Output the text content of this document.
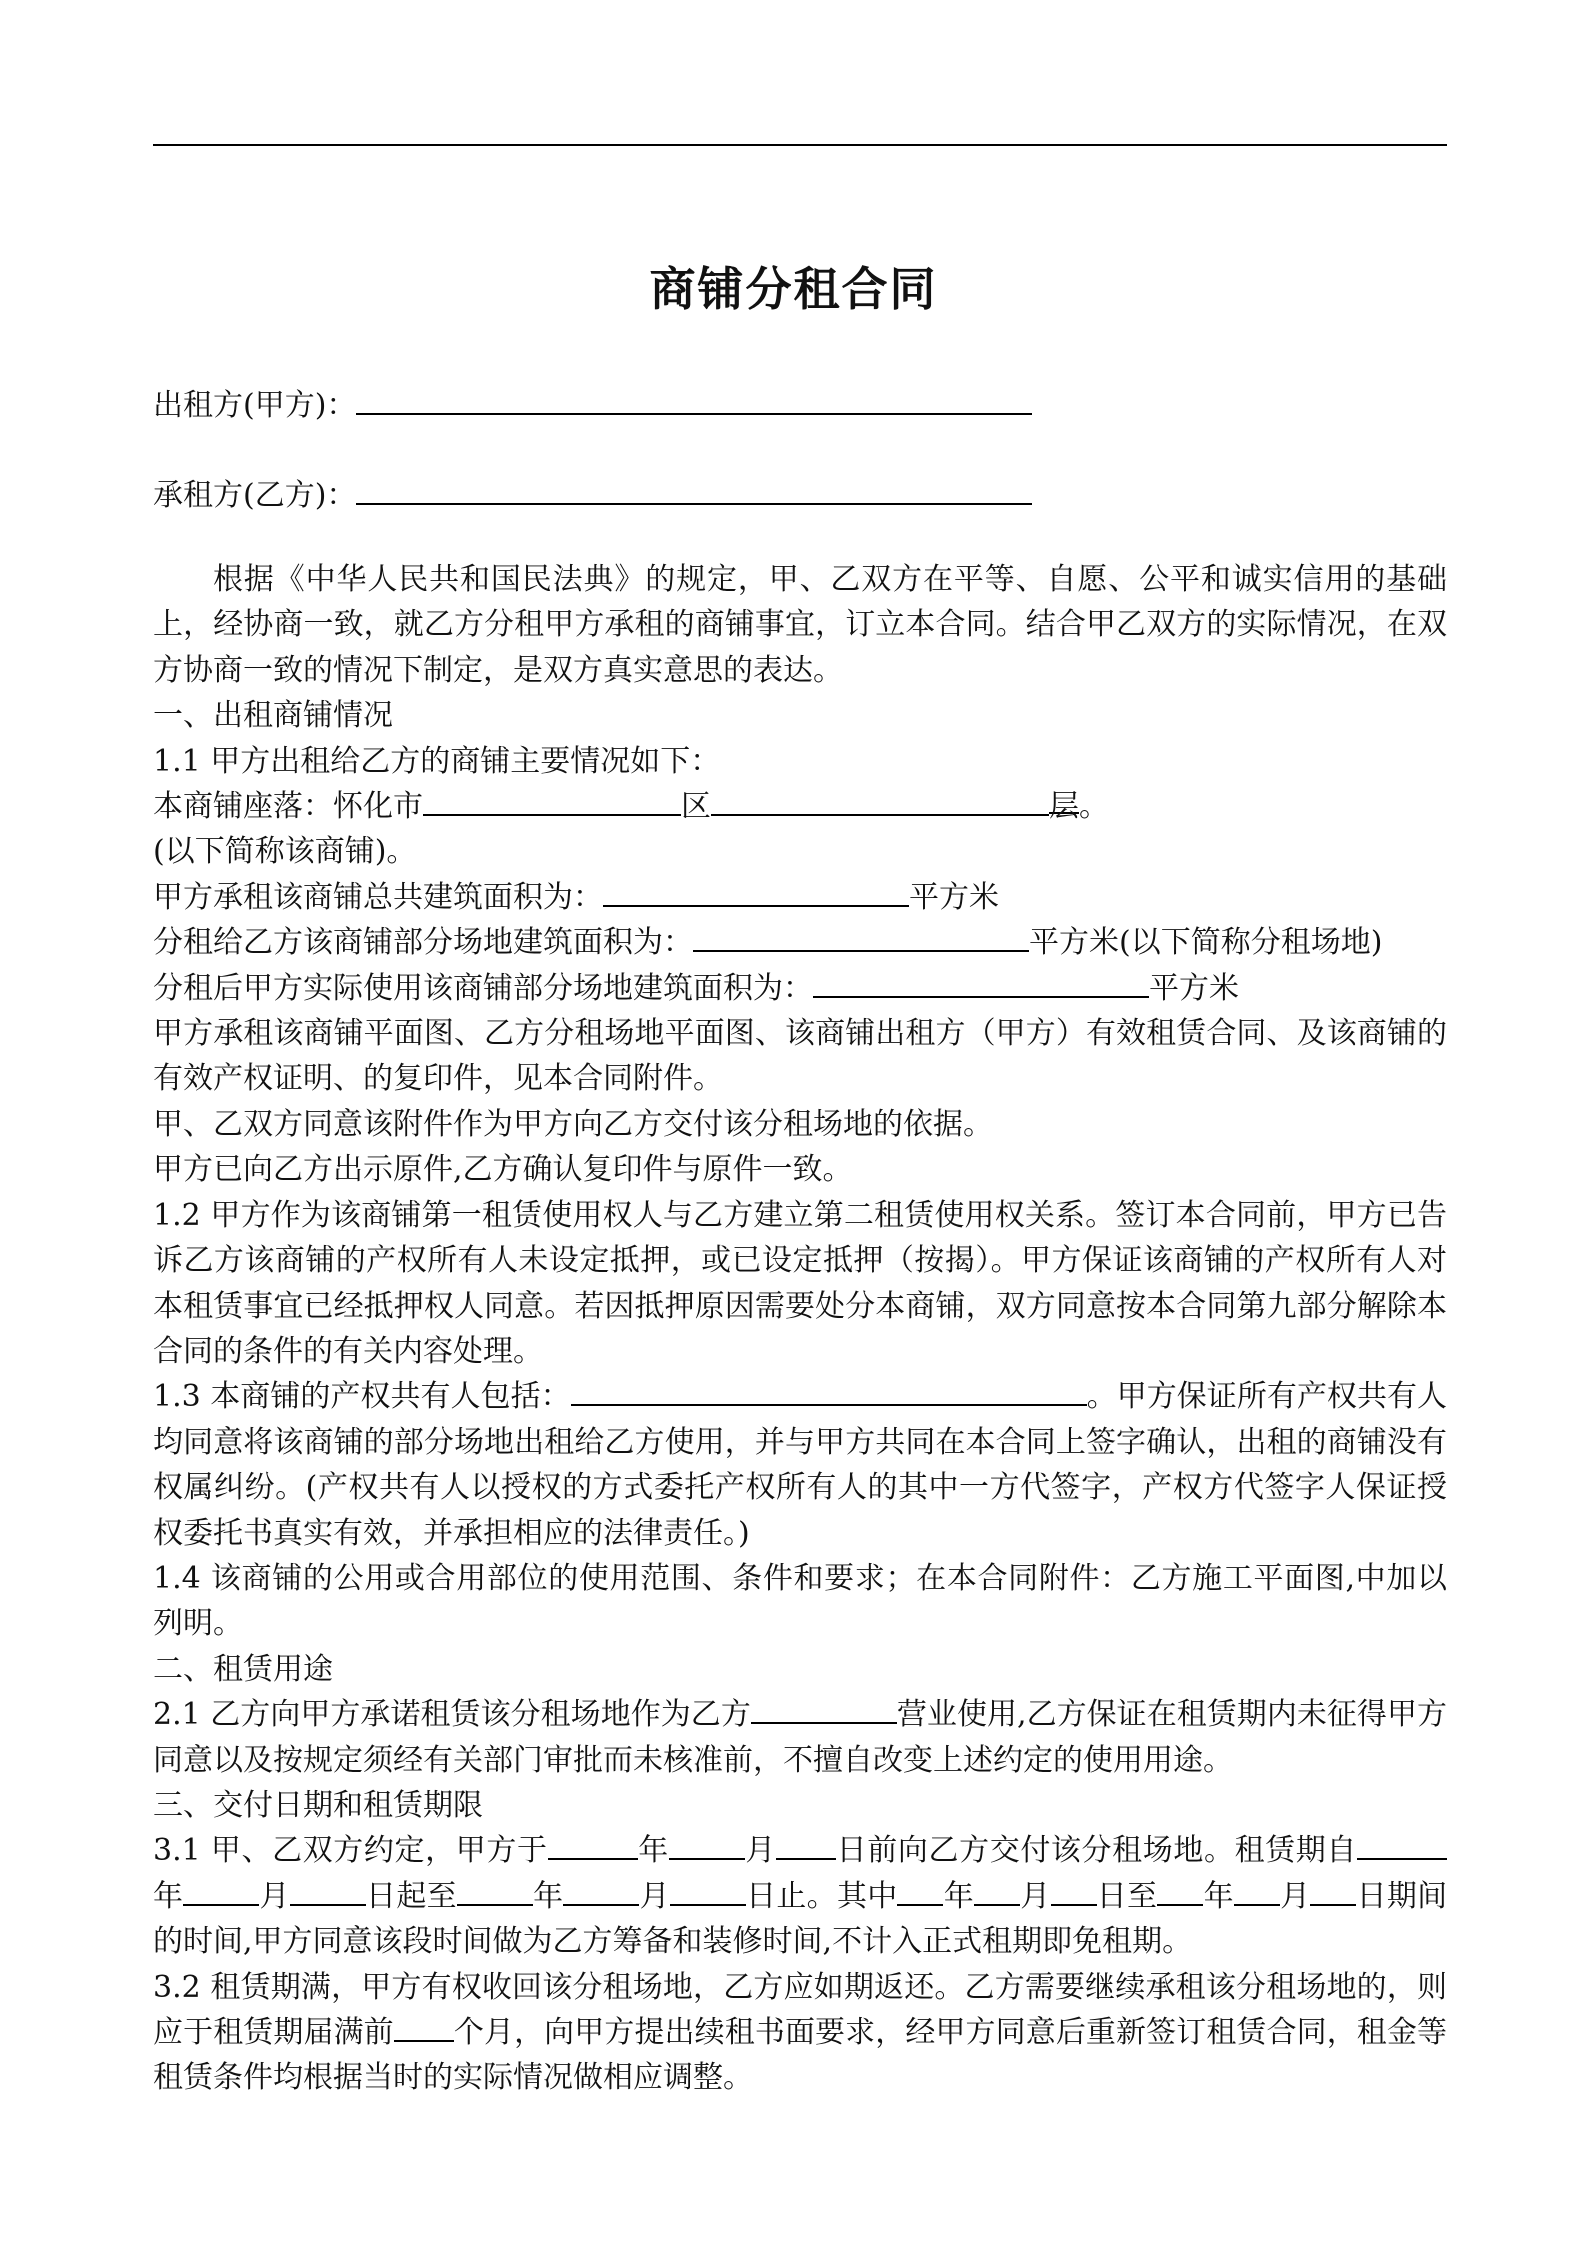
商铺分租合同
出租方(甲方)：
承租方(乙方)：

根据《中华人民共和国民法典》的规定，甲、乙双方在平等、自愿、公平和诚实信用的基础上，经协商一致，就乙方分租甲方承租的商铺事宜，订立本合同。结合甲乙双方的实际情况，在双方协商一致的情况下制定，是双方真实意思的表达。

一、出租商铺情况

1.1 甲方出租给乙方的商铺主要情况如下：

本商铺座落：怀化市	区	层。

(以下简称该商铺)。

甲方承租该商铺总共建筑面积为：	平方米

分租给乙方该商铺部分场地建筑面积为：	平方米(以下简称分租场地)

分租后甲方实际使用该商铺部分场地建筑面积为：	平方米

甲方承租该商铺平面图、乙方分租场地平面图、该商铺出租方（甲方）有效租赁合同、及该商铺的有效产权证明、的复印件，见本合同附件。

甲、乙双方同意该附件作为甲方向乙方交付该分租场地的依据。

甲方已向乙方出示原件,乙方确认复印件与原件一致。

1.2 甲方作为该商铺第一租赁使用权人与乙方建立第二租赁使用权关系。签订本合同前，甲方已告诉乙方该商铺的产权所有人未设定抵押，或已设定抵押（按揭）。甲方保证该商铺的产权所有人对本租赁事宜已经抵押权人同意。若因抵押原因需要处分本商铺，双方同意按本合同第九部分解除本合同的条件的有关内容处理。

1.3 本商铺的产权共有人包括：	。甲方保证所有产权共有人均同意将该商铺的部分场地出租给乙方使用，并与甲方共同在本合同上签字确认，出租的商铺没有权属纠纷。(产权共有人以授权的方式委托产权所有人的其中一方代签字，产权方代签字人保证授权委托书真实有效，并承担相应的法律责任。)

1.4 该商铺的公用或合用部位的使用范围、条件和要求；在本合同附件：乙方施工平面图,中加以列明。

二、租赁用途

2.1 乙方向甲方承诺租赁该分租场地作为乙方	营业使用,乙方保证在租赁期内未征得甲方同意以及按规定须经有关部门审批而未核准前，不擅自改变上述约定的使用用途。

三、交付日期和租赁期限

3.1 甲、乙双方约定，甲方于	年	月 日前向乙方交付该分租场地。租赁期自年	月	日起至	年	月	日止。其中 年 月 日至 年 月 日期间的时间,甲方同意该段时间做为乙方筹备和装修时间,不计入正式租期即免租期。

3.2 租赁期满，甲方有权收回该分租场地，乙方应如期返还。乙方需要继续承租该分租场地的，则应于租赁期届满前 个月，向甲方提出续租书面要求，经甲方同意后重新签订租赁合同，租金等租赁条件均根据当时的实际情况做相应调整。
